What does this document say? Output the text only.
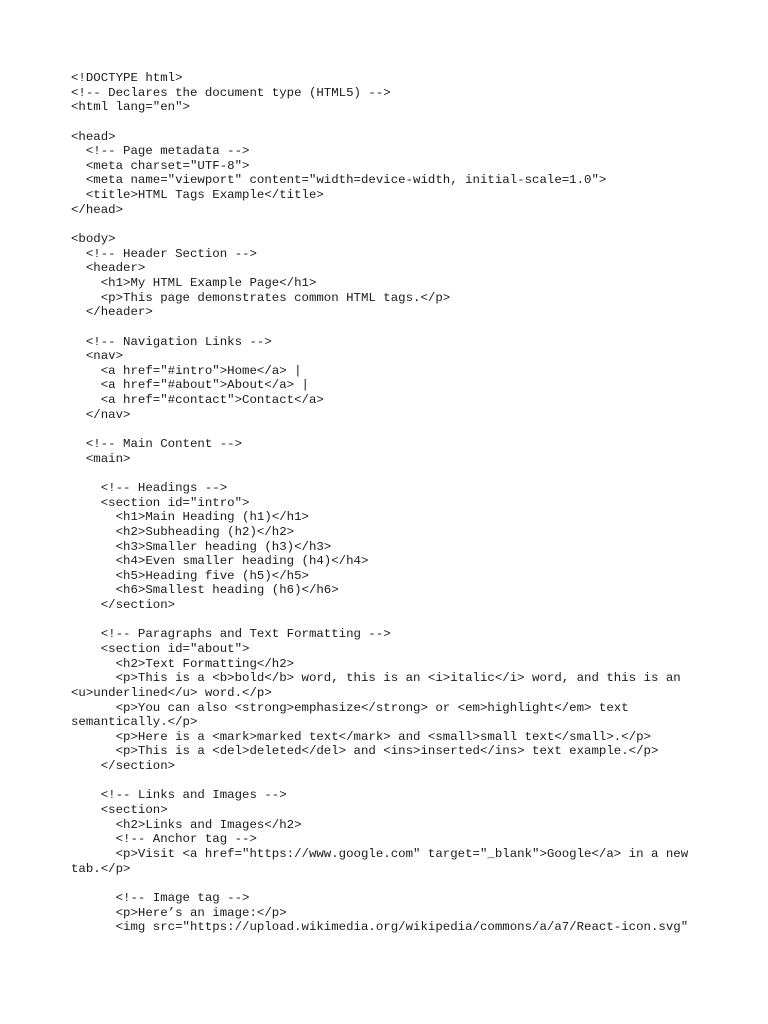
<!DOCTYPE html>
<!-- Declares the document type (HTML5) -->
<html lang="en">
<head>
<!-- Page metadata -->
<meta charset="UTF-8">
<meta name="viewport" content="width=device-width, initial-scale=1.0">
<title>HTML Tags Example</title>
</head>
<body>
<!-- Header Section -->
<header>
<h1>My HTML Example Page</h1>
<p>This page demonstrates common HTML tags.</p>
</header>
<!-- Navigation Links -->
<nav>
<a href="#intro">Home</a> |
<a href="#about">About</a> |
<a href="#contact">Contact</a>
</nav>
<!-- Main Content -->
<main>
<!-- Headings -->
<section id="intro">
<h1>Main Heading (h1)</h1>
<h2>Subheading (h2)</h2>
<h3>Smaller heading (h3)</h3>
<h4>Even smaller heading (h4)</h4>
<h5>Heading five (h5)</h5>
<h6>Smallest heading (h6)</h6>
</section>
<!-- Paragraphs and Text Formatting -->
<section id="about">
<h2>Text Formatting</h2>
<p>This is a <b>bold</b> word, this is an <i>italic</i> word, and this is an
<u>underlined</u> word.</p>
<p>You can also <strong>emphasize</strong> or <em>highlight</em> text
semantically.</p>
<p>Here is a <mark>marked text</mark> and <small>small text</small>.</p>
<p>This is a <del>deleted</del> and <ins>inserted</ins> text example.</p>
</section>
<!-- Links and Images -->
<section>
<h2>Links and Images</h2>
<!-- Anchor tag -->
<p>Visit <a href="https://www.google.com" target="_blank">Google</a> in a new
tab.</p>
<!-- Image tag -->
<p>Here’s an image:</p>
<img src="https://upload.wikimedia.org/wikipedia/commons/a/a7/React-icon.svg"
